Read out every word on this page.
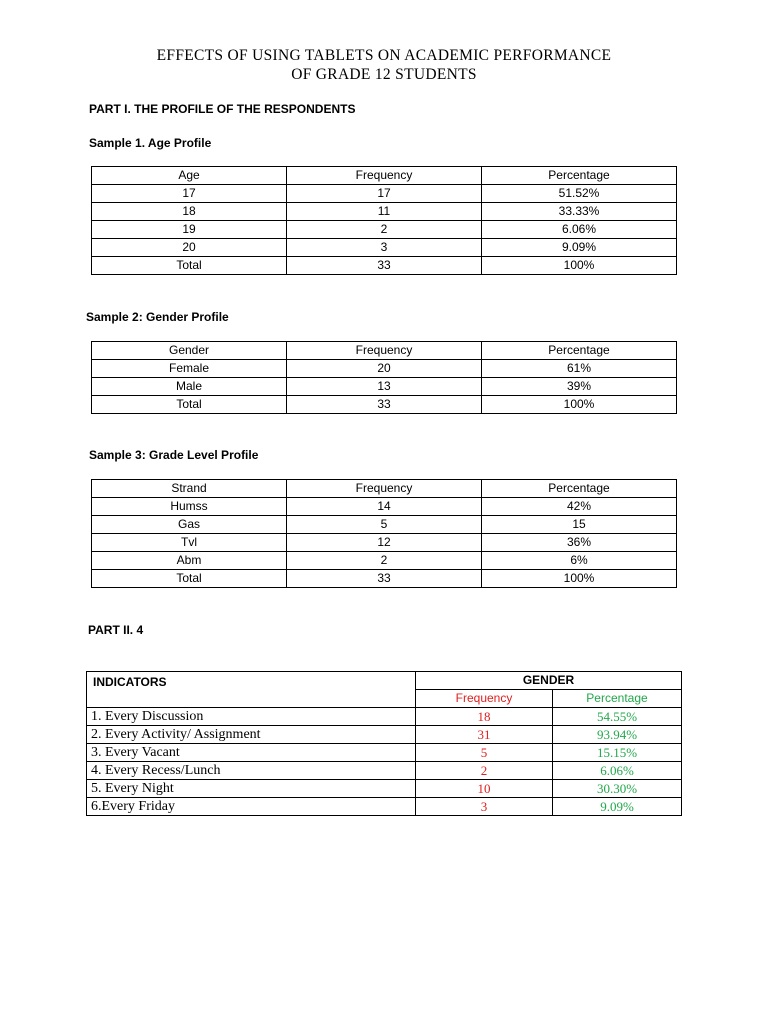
EFFECTS OF USING TABLETS ON ACADEMIC PERFORMANCE
OF GRADE 12 STUDENTS
PART I. THE PROFILE OF THE RESPONDENTS
Sample 1. Age Profile
Age	Frequency	Percentage
17	17	51.52%
18	11	33.33%
19	2	6.06%
20	3	9.09%
Total	33	100%
Sample 2: Gender Profile
Gender	Frequency	Percentage
Female	20	61%
Male	13	39%
Total	33	100%
Sample 3: Grade Level Profile
Strand	Frequency	Percentage
Humss	14	42%
Gas	5	15
Tvl	12	36%
Abm	2	6%
Total	33	100%
PART II. 4
INDICATORS	GENDER	
	Frequency	Percentage
1. Every Discussion	18	54.55%
2. Every Activity/ Assignment	31	93.94%
3. Every Vacant	5	15.15%
4. Every Recess/Lunch	2	6.06%
5. Every Night	10	30.30%
6.Every Friday	3	9.09%
